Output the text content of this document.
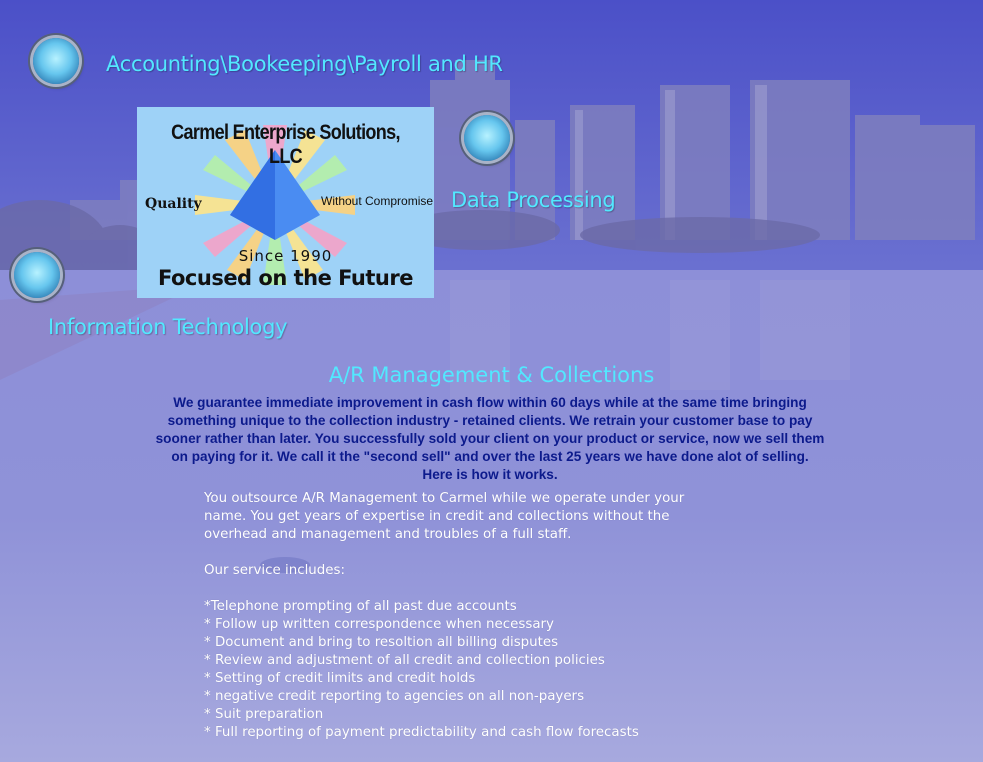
Accounting\Bookeeping\Payroll and HR
Data Processing
Information Technology
Carmel Enterprise Solutions, LLC
Quality	Without Compromise
Since 1990
Focused on the Future
A/R Management & Collections
We guarantee immediate improvement in cash flow within 60 days while at the same time bringing something unique to the collection industry - retained clients. We retrain your customer base to pay sooner rather than later. You successfully sold your client on your product or service, now we sell them on paying for it. We call it the "second sell" and over the last 25 years we have done alot of selling. Here is how it works.

You outsource A/R Management to Carmel while we operate under your name. You get years of expertise in credit and collections without the overhead and management and troubles of a full staff.

Our service includes:

*Telephone prompting of all past due accounts

* Follow up written correspondence when necessary

* Document and bring to resoltion all billing disputes

* Review and adjustment of all credit and collection policies

* Setting of credit limits and credit holds

* negative credit reporting to agencies on all non-payers

* Suit preparation

* Full reporting of payment predictability and cash flow forecasts
